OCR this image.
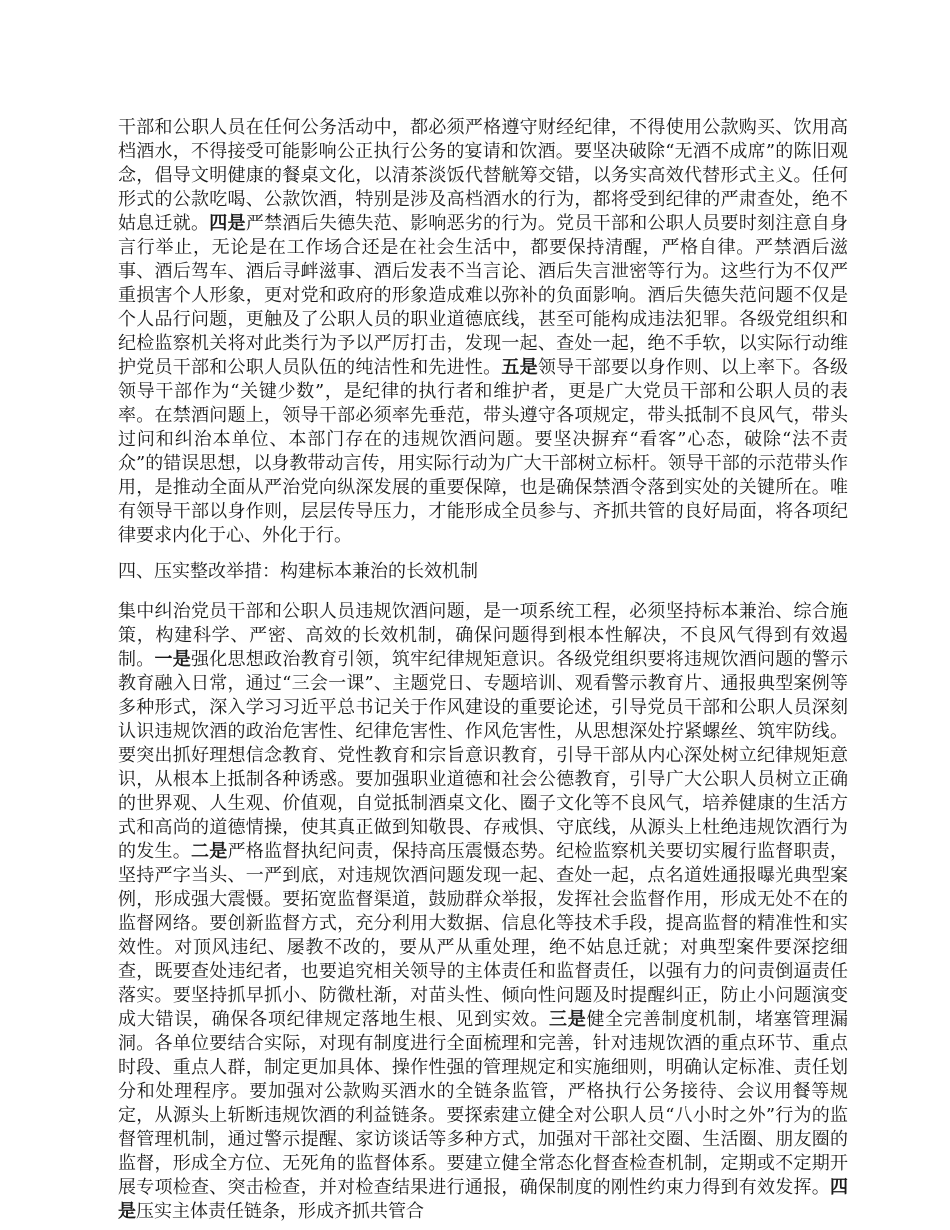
干部和公职人员在任何公务活动中，都必须严格遵守财经纪律，不得使用公款购买、饮用高档酒水，不得接受可能影响公正执行公务的宴请和饮酒。要坚决破除“无酒不成席”的陈旧观念，倡导文明健康的餐桌文化，以清茶淡饭代替觥筹交错，以务实高效代替形式主义。任何形式的公款吃喝、公款饮酒，特别是涉及高档酒水的行为，都将受到纪律的严肃查处，绝不姑息迁就。四是严禁酒后失德失范、影响恶劣的行为。党员干部和公职人员要时刻注意自身言行举止，无论是在工作场合还是在社会生活中，都要保持清醒，严格自律。严禁酒后滋事、酒后驾车、酒后寻衅滋事、酒后发表不当言论、酒后失言泄密等行为。这些行为不仅严重损害个人形象，更对党和政府的形象造成难以弥补的负面影响。酒后失德失范问题不仅是个人品行问题，更触及了公职人员的职业道德底线，甚至可能构成违法犯罪。各级党组织和纪检监察机关将对此类行为予以严厉打击，发现一起、查处一起，绝不手软，以实际行动维护党员干部和公职人员队伍的纯洁性和先进性。五是领导干部要以身作则、以上率下。各级领导干部作为“关键少数”，是纪律的执行者和维护者，更是广大党员干部和公职人员的表率。在禁酒问题上，领导干部必须率先垂范，带头遵守各项规定，带头抵制不良风气，带头过问和纠治本单位、本部门存在的违规饮酒问题。要坚决摒弃“看客”心态，破除“法不责众”的错误思想，以身教带动言传，用实际行动为广大干部树立标杆。领导干部的示范带头作用，是推动全面从严治党向纵深发展的重要保障，也是确保禁酒令落到实处的关键所在。唯有领导干部以身作则，层层传导压力，才能形成全员参与、齐抓共管的良好局面，将各项纪律要求内化于心、外化于行。

四、压实整改举措：构建标本兼治的长效机制

集中纠治党员干部和公职人员违规饮酒问题，是一项系统工程，必须坚持标本兼治、综合施策，构建科学、严密、高效的长效机制，确保问题得到根本性解决，不良风气得到有效遏制。一是强化思想政治教育引领，筑牢纪律规矩意识。各级党组织要将违规饮酒问题的警示教育融入日常，通过“三会一课”、主题党日、专题培训、观看警示教育片、通报典型案例等多种形式，深入学习习近平总书记关于作风建设的重要论述，引导党员干部和公职人员深刻认识违规饮酒的政治危害性、纪律危害性、作风危害性，从思想深处拧紧螺丝、筑牢防线。要突出抓好理想信念教育、党性教育和宗旨意识教育，引导干部从内心深处树立纪律规矩意识，从根本上抵制各种诱惑。要加强职业道德和社会公德教育，引导广大公职人员树立正确的世界观、人生观、价值观，自觉抵制酒桌文化、圈子文化等不良风气，培养健康的生活方式和高尚的道德情操，使其真正做到知敬畏、存戒惧、守底线，从源头上杜绝违规饮酒行为的发生。二是严格监督执纪问责，保持高压震慑态势。纪检监察机关要切实履行监督职责，坚持严字当头、一严到底，对违规饮酒问题发现一起、查处一起，点名道姓通报曝光典型案例，形成强大震慑。要拓宽监督渠道，鼓励群众举报，发挥社会监督作用，形成无处不在的监督网络。要创新监督方式，充分利用大数据、信息化等技术手段，提高监督的精准性和实效性。对顶风违纪、屡教不改的，要从严从重处理，绝不姑息迁就；对典型案件要深挖细查，既要查处违纪者，也要追究相关领导的主体责任和监督责任，以强有力的问责倒逼责任落实。要坚持抓早抓小、防微杜渐，对苗头性、倾向性问题及时提醒纠正，防止小问题演变成大错误，确保各项纪律规定落地生根、见到实效。三是健全完善制度机制，堵塞管理漏洞。各单位要结合实际，对现有制度进行全面梳理和完善，针对违规饮酒的重点环节、重点时段、重点人群，制定更加具体、操作性强的管理规定和实施细则，明确认定标准、责任划分和处理程序。要加强对公款购买酒水的全链条监管，严格执行公务接待、会议用餐等规定，从源头上斩断违规饮酒的利益链条。要探索建立健全对公职人员“八小时之外”行为的监督管理机制，通过警示提醒、家访谈话等多种方式，加强对干部社交圈、生活圈、朋友圈的监督，形成全方位、无死角的监督体系。要建立健全常态化督查检查机制，定期或不定期开展专项检查、突击检查，并对检查结果进行通报，确保制度的刚性约束力得到有效发挥。四是压实主体责任链条，形成齐抓共管合
